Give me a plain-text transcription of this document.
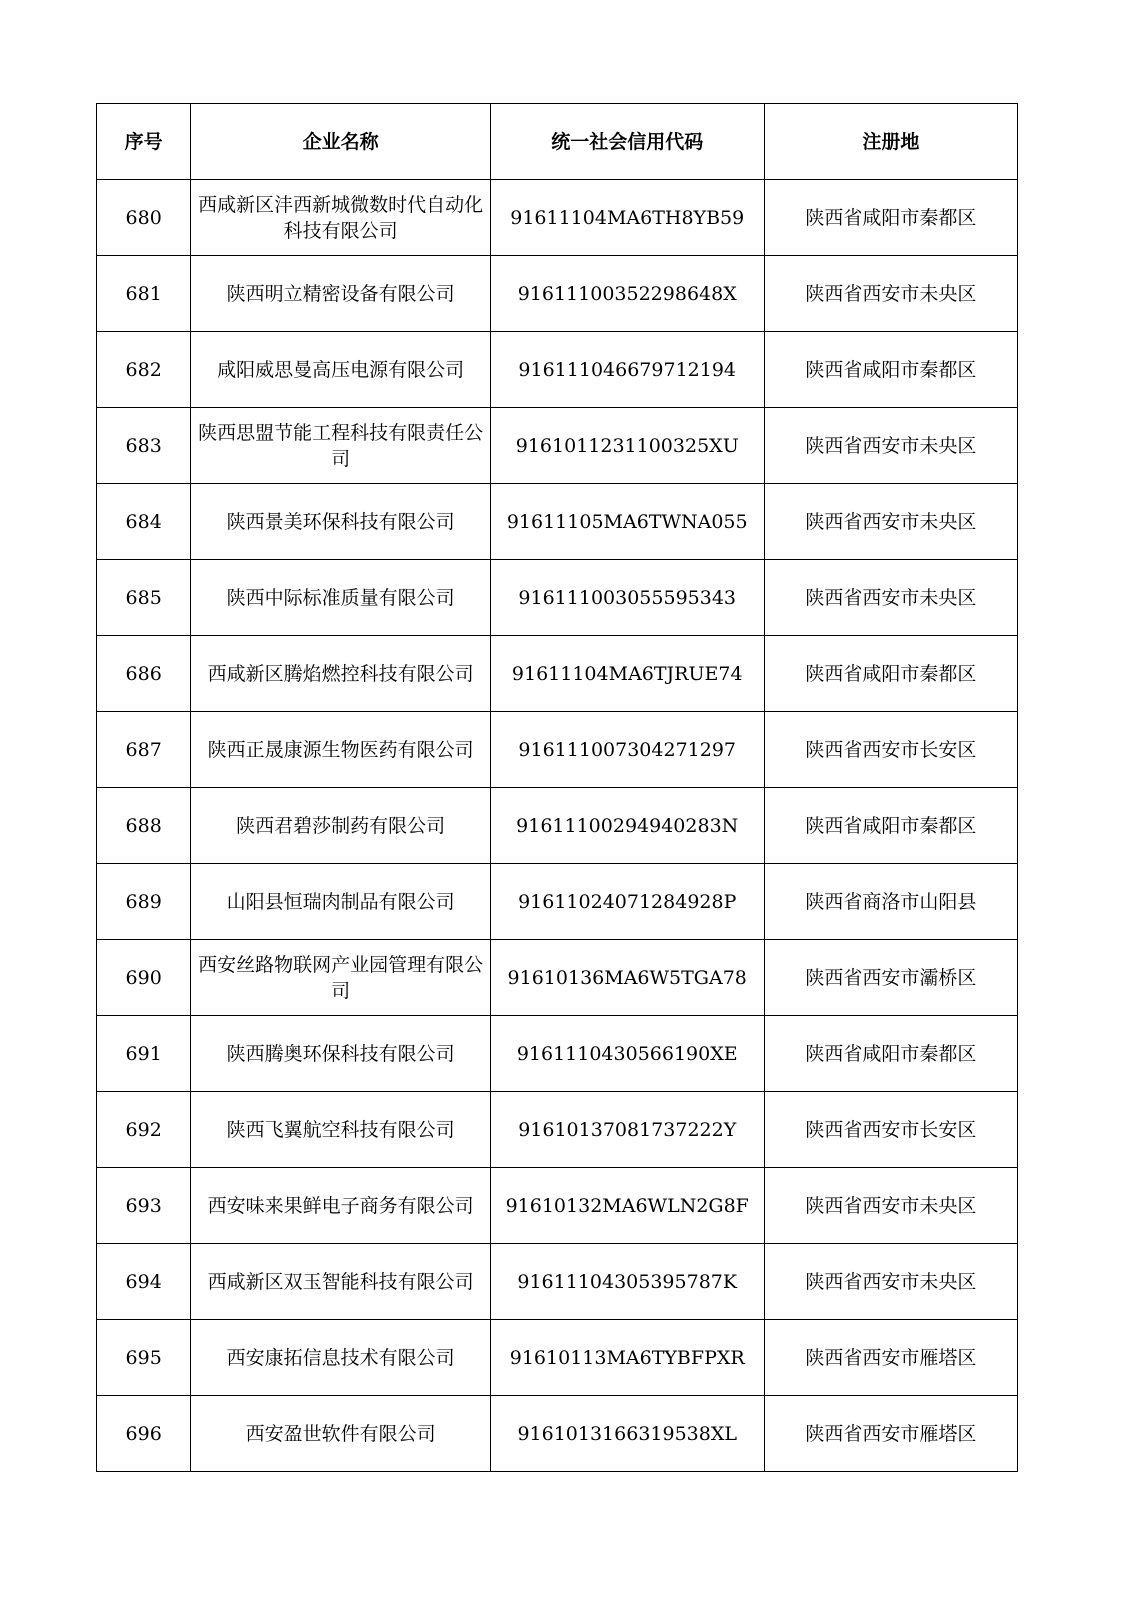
序号	企业名称	统一社会信用代码	注册地
680	西咸新区沣西新城微数时代自动化科技有限公司	91611104MA6TH8YB59	陕西省咸阳市秦都区
681	陕西明立精密设备有限公司	91611100352298648X	陕西省西安市未央区
682	咸阳威思曼高压电源有限公司	916111046679712194	陕西省咸阳市秦都区
683	陕西思盟节能工程科技有限责任公司	9161011231100325XU	陕西省西安市未央区
684	陕西景美环保科技有限公司	91611105MA6TWNA055	陕西省西安市未央区
685	陕西中际标准质量有限公司	916111003055595343	陕西省西安市未央区
686	西咸新区腾焰燃控科技有限公司	91611104MA6TJRUE74	陕西省咸阳市秦都区
687	陕西正晟康源生物医药有限公司	916111007304271297	陕西省西安市长安区
688	陕西君碧莎制药有限公司	91611100294940283N	陕西省咸阳市秦都区
689	山阳县恒瑞肉制品有限公司	91611024071284928P	陕西省商洛市山阳县
690	西安丝路物联网产业园管理有限公司	91610136MA6W5TGA78	陕西省西安市灞桥区
691	陕西腾奥环保科技有限公司	9161110430566190XE	陕西省咸阳市秦都区
692	陕西飞翼航空科技有限公司	91610137081737222Y	陕西省西安市长安区
693	西安味来果鲜电子商务有限公司	91610132MA6WLN2G8F	陕西省西安市未央区
694	西咸新区双玉智能科技有限公司	91611104305395787K	陕西省西安市未央区
695	西安康拓信息技术有限公司	91610113MA6TYBFPXR	陕西省西安市雁塔区
696	西安盈世软件有限公司	9161013166319538XL	陕西省西安市雁塔区
